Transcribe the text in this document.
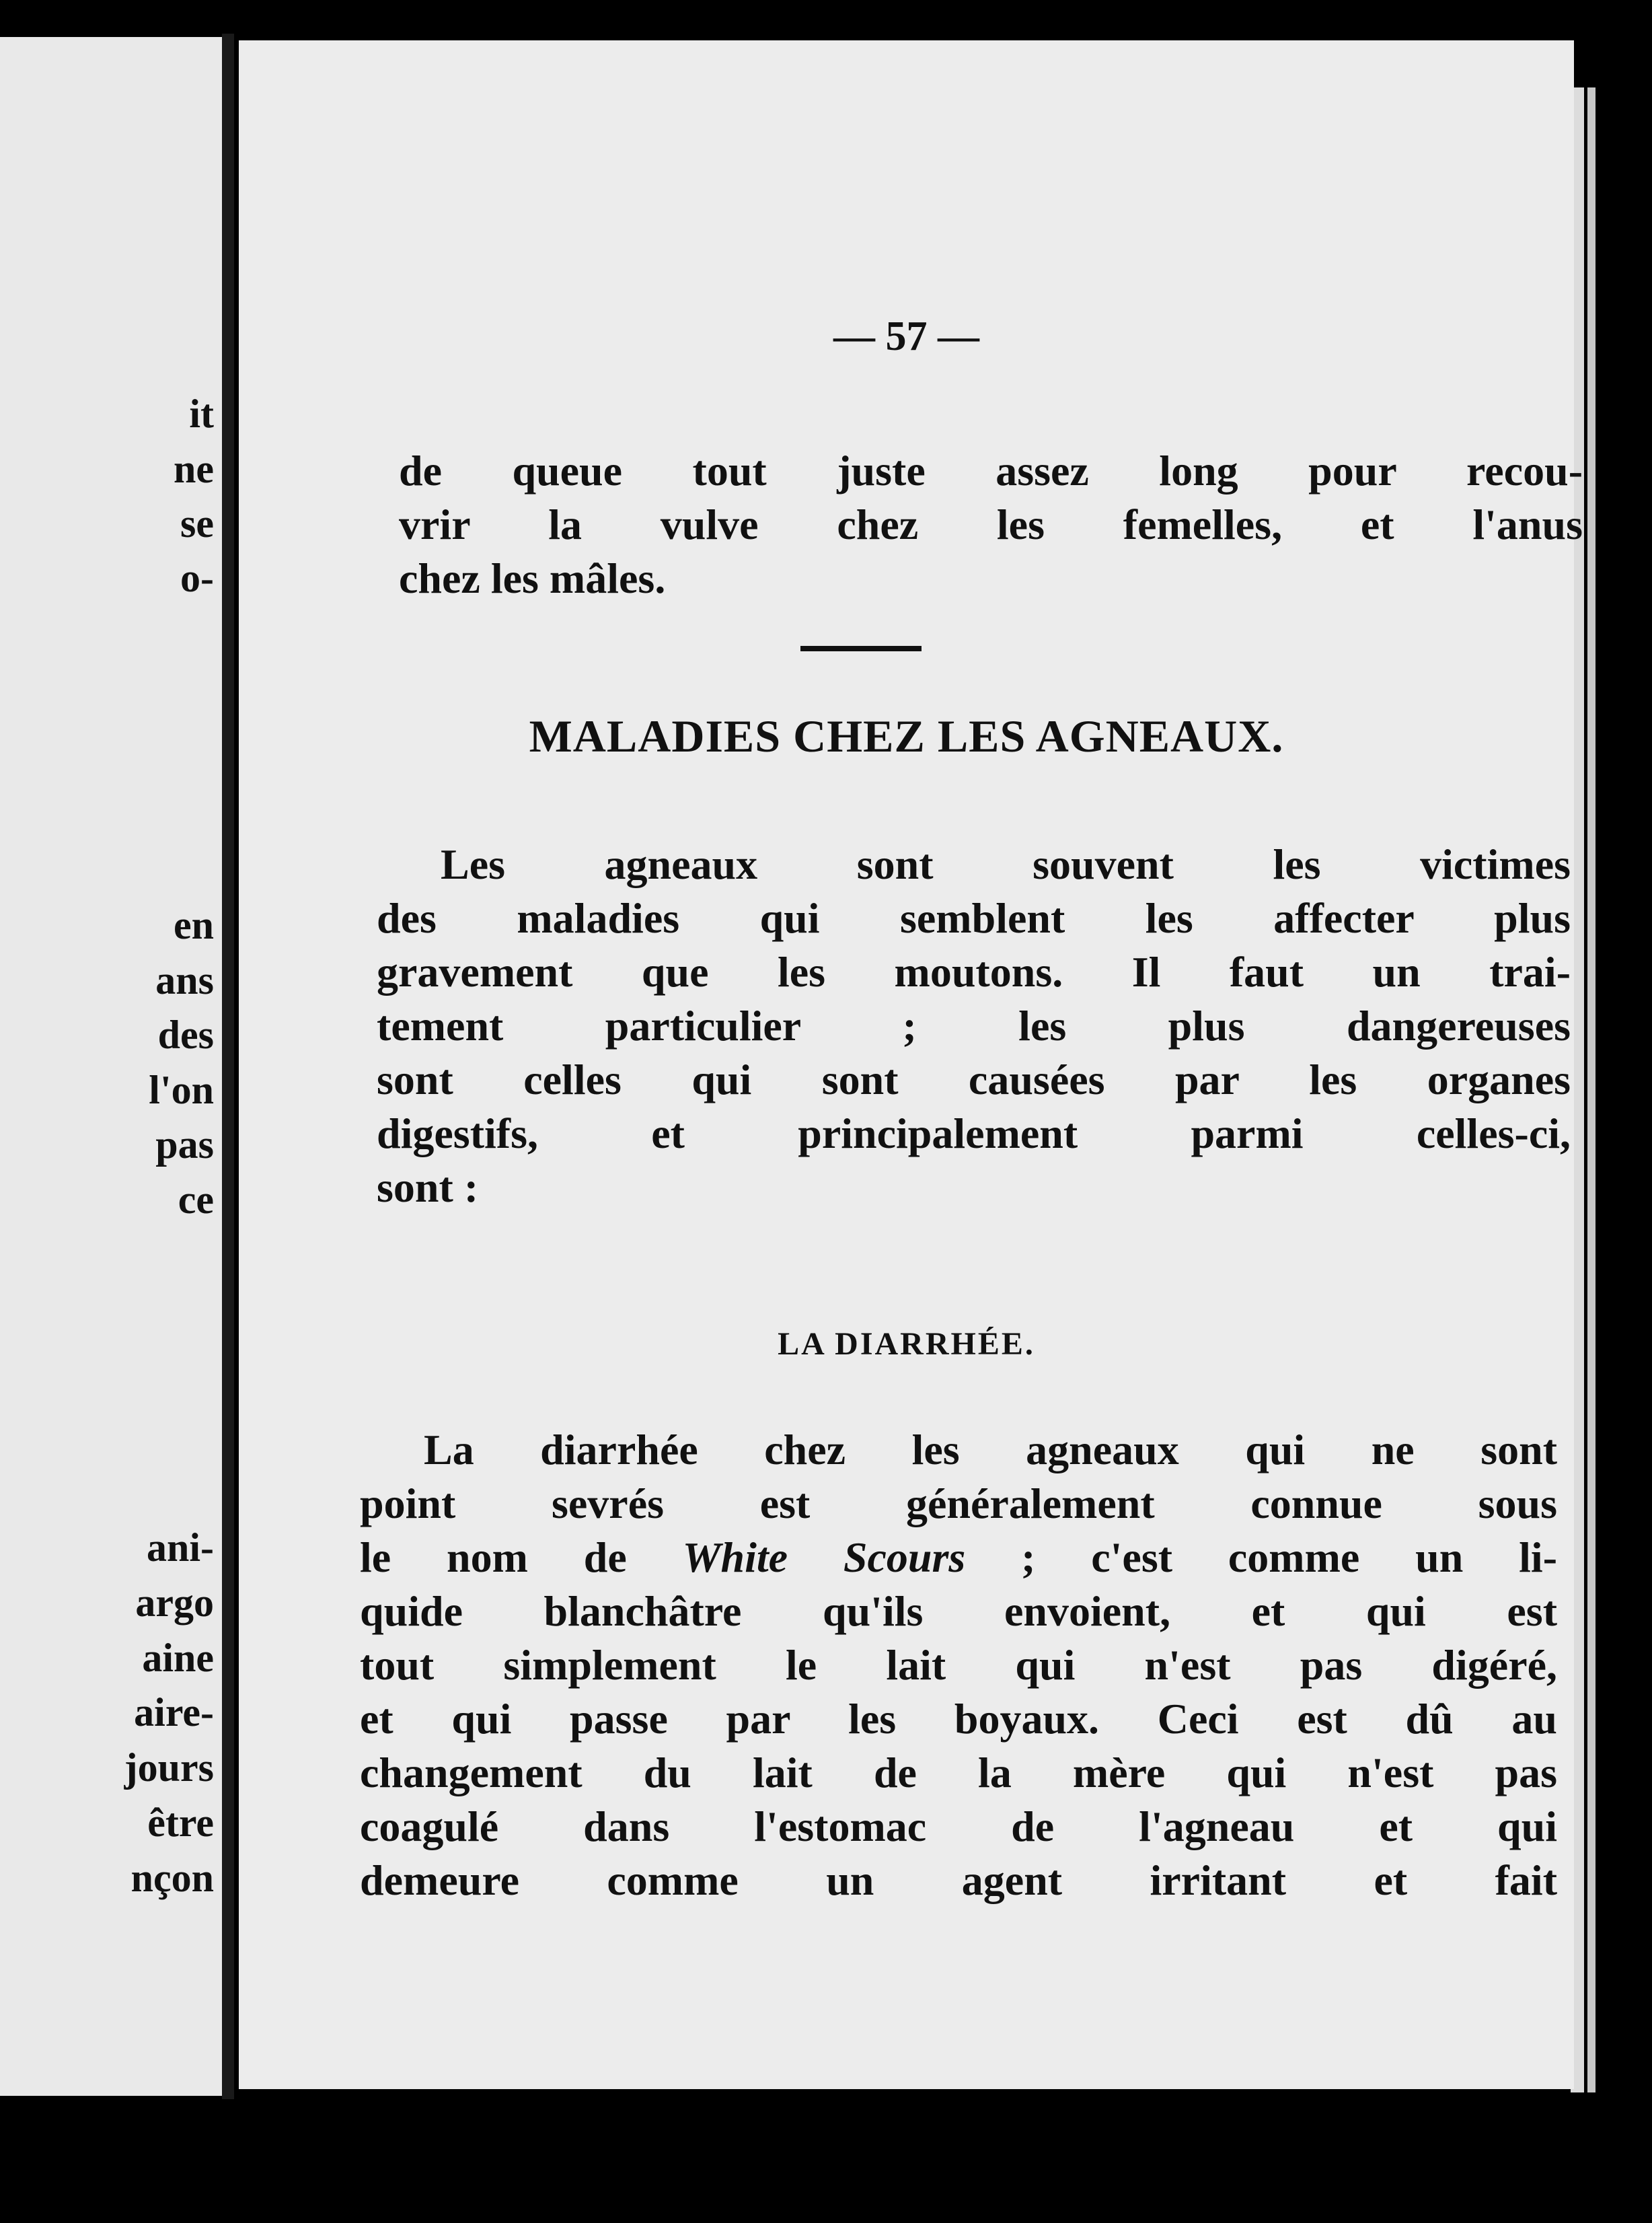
it
ne
se
o-
en
ans
des
l'on
pas
ce
ani-
argo
aine
aire-
jours
être
nçon
— 57 —
de queue tout juste assez long pour recou-
vrir la vulve chez les femelles, et l'anus
chez les mâles.
MALADIES CHEZ LES AGNEAUX.
Les agneaux sont souvent les victimes
des maladies qui semblent les affecter plus
gravement que les moutons. Il faut un trai-
tement particulier ; les plus dangereuses
sont celles qui sont causées par les organes
digestifs, et principalement parmi celles-ci,
sont :
LA DIARRHÉE.
La diarrhée chez les agneaux qui ne sont
point sevrés est généralement connue sous
le nom de White Scours ; c'est comme un li-
quide blanchâtre qu'ils envoient, et qui est
tout simplement le lait qui n'est pas digéré,
et qui passe par les boyaux. Ceci est dû au
changement du lait de la mère qui n'est pas
coagulé dans l'estomac de l'agneau et qui
demeure comme un agent irritant et fait
